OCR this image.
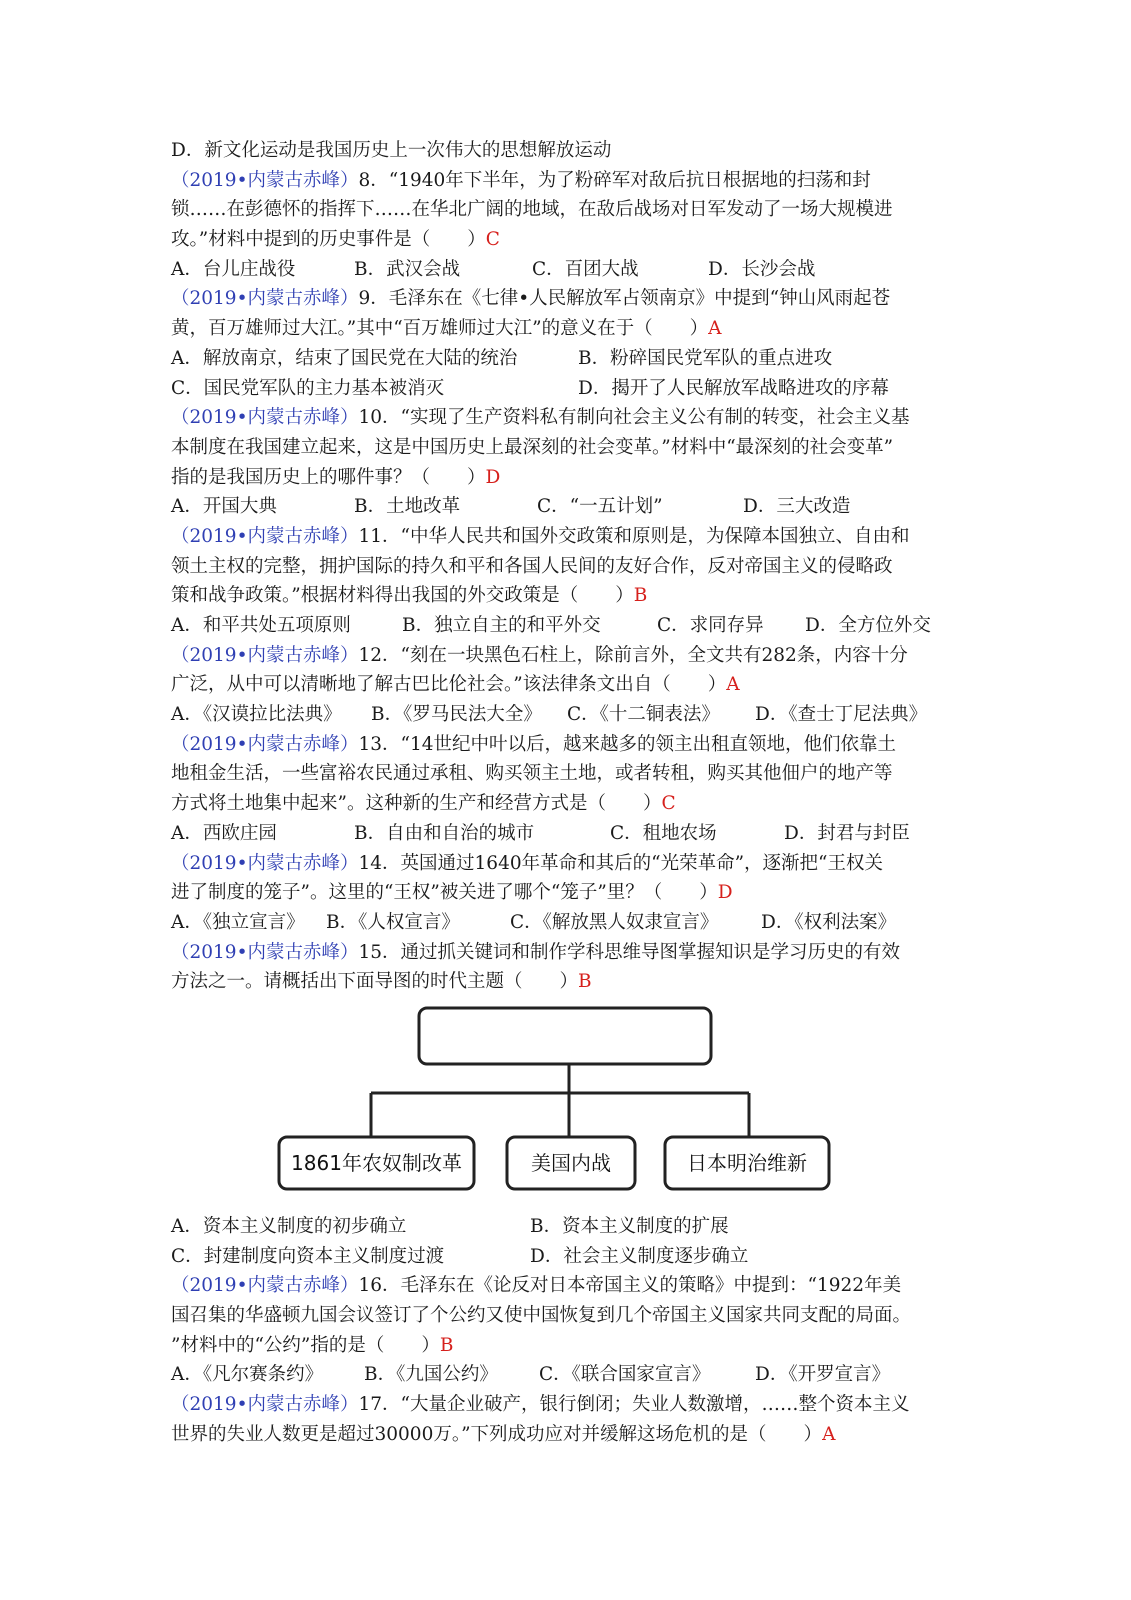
D．新文化运动是我国历史上一次伟大的思想解放运动
（2019•内蒙古赤峰）8．“1940年下半年，为了粉碎军对敌后抗日根据地的扫荡和封
锁……在彭德怀的指挥下……在华北广阔的地域，在敌后战场对日军发动了一场大规模进
攻。”材料中提到的历史事件是（　　）C
A．台儿庄战役	B．武汉会战	C．百团大战	D．长沙会战
（2019•内蒙古赤峰）9．毛泽东在《七律•人民解放军占领南京》中提到“钟山风雨起苍
黄，百万雄师过大江。”其中“百万雄师过大江”的意义在于（　　）A
A．解放南京，结束了国民党在大陆的统治	B．粉碎国民党军队的重点进攻
C．国民党军队的主力基本被消灭	D．揭开了人民解放军战略进攻的序幕
（2019•内蒙古赤峰）10．“实现了生产资料私有制向社会主义公有制的转变，社会主义基
本制度在我国建立起来，这是中国历史上最深刻的社会变革。”材料中“最深刻的社会变革”
指的是我国历史上的哪件事？（　　）D
A．开国大典	B．土地改革	C．“一五计划”	D．三大改造
（2019•内蒙古赤峰）11．“中华人民共和国外交政策和原则是，为保障本国独立、自由和
领土主权的完整，拥护国际的持久和平和各国人民间的友好合作，反对帝国主义的侵略政
策和战争政策。”根据材料得出我国的外交政策是（　　）B
A．和平共处五项原则	B．独立自主的和平外交	C．求同存异	D．全方位外交
（2019•内蒙古赤峰）12．“刻在一块黑色石柱上，除前言外，全文共有282条，内容十分
广泛，从中可以清晰地了解古巴比伦社会。”该法律条文出自（　　）A
A．《汉谟拉比法典》	B．《罗马民法大全》	C．《十二铜表法》	D．《查士丁尼法典》
（2019•内蒙古赤峰）13．“14世纪中叶以后，越来越多的领主出租直领地，他们依靠土
地租金生活，一些富裕农民通过承租、购买领主土地，或者转租，购买其他佃户的地产等
方式将土地集中起来”。这种新的生产和经营方式是（　　）C
A．西欧庄园	B．自由和自治的城市	C．租地农场	D．封君与封臣
（2019•内蒙古赤峰）14．英国通过1640年革命和其后的“光荣革命”，逐渐把“王权关
进了制度的笼子”。这里的“王权”被关进了哪个“笼子”里？（　　）D
A．《独立宣言》	B．《人权宣言》	C．《解放黑人奴隶宣言》	D．《权利法案》
（2019•内蒙古赤峰）15．通过抓关键词和制作学科思维导图掌握知识是学习历史的有效
方法之一。请概括出下面导图的时代主题（　　）B
1861年农奴制改革	美国内战	日本明治维新
A．资本主义制度的初步确立	B．资本主义制度的扩展
C．封建制度向资本主义制度过渡	D．社会主义制度逐步确立
（2019•内蒙古赤峰）16．毛泽东在《论反对日本帝国主义的策略》中提到：“1922年美
国召集的华盛顿九国会议签订了个公约又使中国恢复到几个帝国主义国家共同支配的局面。
”材料中的“公约”指的是（　　）B
A．《凡尔赛条约》	B．《九国公约》	C．《联合国家宣言》	D．《开罗宣言》
（2019•内蒙古赤峰）17．“大量企业破产，银行倒闭；失业人数激增，……整个资本主义
世界的失业人数更是超过30000万。”下列成功应对并缓解这场危机的是（　　）A
